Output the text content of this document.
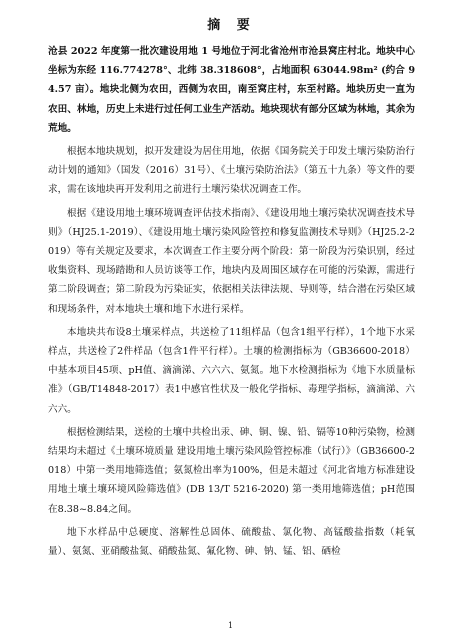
摘 要

沧县 2022 年度第一批次建设用地 1 号地位于河北省沧州市沧县窝庄村北。地块中心坐标为东经 116.774278°、北纬 38.318608°，占地面积 63044.98m² (约合 94.57 亩）。地块北侧为农田，西侧为农田，南至窝庄村，东至村路。地块历史一直为农田、林地，历史上未进行过任何工业生产活动。地块现状有部分区域为林地，其余为荒地。

根据本地块规划，拟开发建设为居住用地，依据《国务院关于印发土壤污染防治行动计划的通知》（国发（2016）31号）、《土壤污染防治法》（第五十九条）等文件的要求，需在该地块再开发利用之前进行土壤污染状况调查工作。

根据《建设用地土壤环境调查评估技术指南》、《建设用地土壤污染状况调查技术导则》（HJ25.1-2019）、《建设用地土壤污染风险管控和修复监测技术导则》（HJ25.2-2019）等有关规定及要求，本次调查工作主要分两个阶段：第一阶段为污染识别，经过收集资料、现场踏勘和人员访谈等工作，地块内及周围区域存在可能的污染源，需进行第二阶段调查；第二阶段为污染证实，依据相关法律法规、导则等，结合潜在污染区域和现场条件，对本地块土壤和地下水进行采样。

本地块共布设8土壤采样点，共送检了11组样品（包含1组平行样），1个地下水采样点，共送检了2件样品（包含1件平行样）。土壤的检测指标为（GB36600-2018）中基本项目45项、pH值、滴滴涕、六六六、氨氮。地下水检测指标为《地下水质量标准》（GB/T14848-2017）表1中感官性状及一般化学指标、毒理学指标，滴滴涕、六六六。

根据检测结果，送检的土壤中共检出汞、砷、铜、镍、铅、镉等10种污染物，检测结果均未超过《土壤环境质量 建设用地土壤污染风险管控标准（试行）》（GB36600-2018）中第一类用地筛选值；氨氮检出率为100%，但是未超过《河北省地方标准建设用地土壤土壤环境风险筛选值》(DB 13/T 5216-2020) 第一类用地筛选值；pH范围在8.38~8.84之间。

地下水样品中总硬度、溶解性总固体、硫酸盐、氯化物、高锰酸盐指数（耗氧量）、氨氮、亚硝酸盐氮、硝酸盐氮、氟化物、砷、钠、锰、铝、硒检

1
